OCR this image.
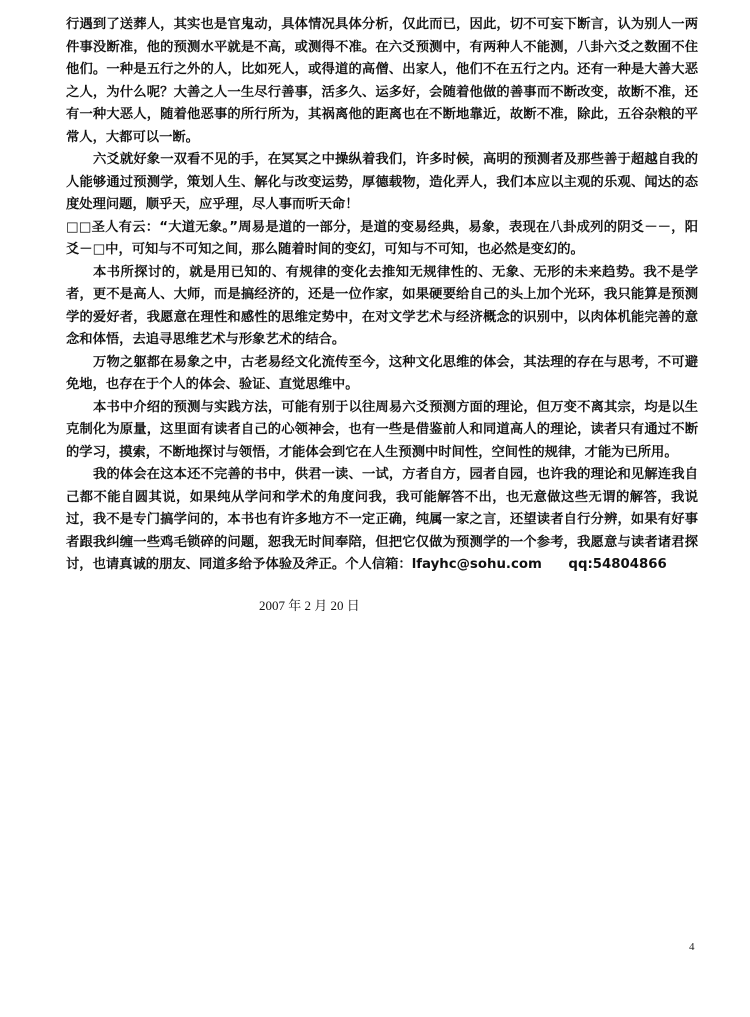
行遇到了送葬人，其实也是官鬼动，具体情况具体分析，仅此而已，因此，切不可妄下断言，认为别人一两件事没断准，他的预测水平就是不高，或测得不准。在六爻预测中，有两种人不能测，八卦六爻之数囿不住他们。一种是五行之外的人，比如死人，或得道的高僧、出家人，他们不在五行之内。还有一种是大善大恶之人，为什么呢？大善之人一生尽行善事，活多久、运多好，会随着他做的善事而不断改变，故断不准，还有一种大恶人，随着他恶事的所行所为，其祸离他的距离也在不断地靠近，故断不准，除此，五谷杂粮的平常人，大都可以一断。

六爻就好象一双看不见的手，在冥冥之中操纵着我们，许多时候，高明的预测者及那些善于超越自我的人能够通过预测学，策划人生、解化与改变运势，厚德载物，造化弄人，我们本应以主观的乐观、闻达的态度处理问题，顺乎天，应乎理，尽人事而听天命！

□□圣人有云：“大道无象。”周易是道的一部分，是道的变易经典，易象，表现在八卦成列的阴爻－－，阳爻－□中，可知与不可知之间，那么随着时间的变幻，可知与不可知，也必然是变幻的。

本书所探讨的，就是用已知的、有规律的变化去推知无规律性的、无象、无形的未来趋势。我不是学者，更不是高人、大师，而是搞经济的，还是一位作家，如果硬要给自己的头上加个光环，我只能算是预测学的爱好者，我愿意在理性和感性的思维定势中，在对文学艺术与经济概念的识别中，以肉体机能完善的意念和体悟，去追寻思维艺术与形象艺术的结合。

万物之躯都在易象之中，古老易经文化流传至今，这种文化思维的体会，其法理的存在与思考，不可避免地，也存在于个人的体会、验证、直觉思维中。

本书中介绍的预测与实践方法，可能有别于以往周易六爻预测方面的理论，但万变不离其宗，均是以生克制化为原量，这里面有读者自己的心领神会，也有一些是借鉴前人和同道高人的理论，读者只有通过不断的学习，摸索，不断地探讨与领悟，才能体会到它在人生预测中时间性，空间性的规律，才能为已所用。

我的体会在这本还不完善的书中，供君一读、一试，方者自方，园者自园，也许我的理论和见解连我自己都不能自圆其说，如果纯从学问和学术的角度问我，我可能解答不出，也无意做这些无谓的解答，我说过，我不是专门搞学问的，本书也有许多地方不一定正确，纯属一家之言，还望读者自行分辨，如果有好事者跟我纠缠一些鸡毛锁碎的问题，恕我无时间奉陪，但把它仅做为预测学的一个参考，我愿意与读者诸君探讨，也请真诚的朋友、同道多给予体验及斧正。个人信箱：lfayhc@sohu.com　　qq:54804866

2007 年 2 月 20 日
4
